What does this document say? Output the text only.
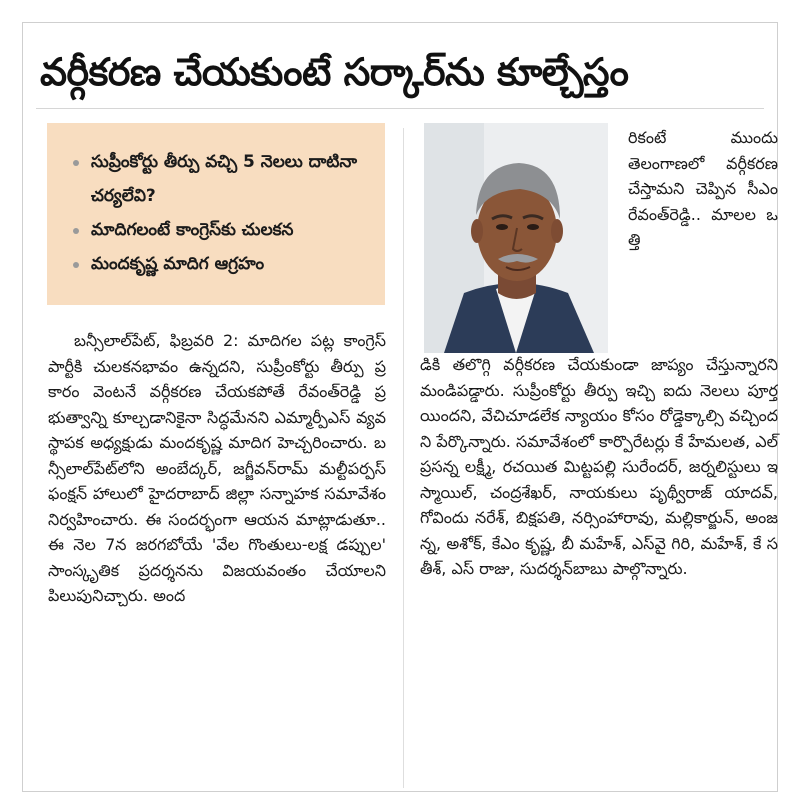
వర్గీకరణ చేయకుంటే సర్కార్‌ను కూల్చేస్తం
సుప్రీంకోర్టు తీర్పు వచ్చి 5 నెలలు దాటినా చర్యలేవి?
మాదిగలంటే కాంగ్రెస్‌కు చులకన
మందకృష్ణ మాదిగ ఆగ్రహం
బన్సీలాల్‌పేట్, ఫిబ్రవరి 2: మాదిగల పట్ల కాంగ్రెస్ పార్టీకి చులకనభావం ఉన్నదని, సుప్రీంకోర్టు తీర్పు ప్రకారం వెంటనే వర్గీకరణ చేయకపోతే రేవంత్‌రెడ్డి ప్రభుత్వాన్ని కూల్చడానికైనా సిద్ధమేనని ఎమ్మార్పీఎస్ వ్యవస్థాపక అధ్యక్షుడు మందకృష్ణ మాదిగ హెచ్చరించారు. బన్సీలాల్‌పేట్‌లోని అంబేద్కర్, జగ్జీవన్‌రామ్ మల్టీపర్పస్ ఫంక్షన్ హాలులో హైదరాబాద్ జిల్లా సన్నాహక సమావేశం నిర్వహించారు. ఈ సందర్భంగా ఆయన మాట్లాడుతూ.. ఈ నెల 7న జరగబోయే 'వేల గొంతులు-లక్ష డప్పుల' సాంస్కృతిక ప్రదర్శనను విజయవంతం చేయాలని పిలుపునిచ్చారు. అంద
రికంటే ముందు తెలంగాణలో వర్గీకరణ చేస్తామని చెప్పిన సీఎం రేవంత్‌రెడ్డి.. మాలల ఒత్తి
డికి తలొగ్గి వర్గీకరణ చేయకుండా జాప్యం చేస్తున్నారని మండిపడ్డారు. సుప్రీంకోర్టు తీర్పు ఇచ్చి ఐదు నెలలు పూర్తయిందని, వేచిచూడలేక న్యాయం కోసం రోడ్డెక్కాల్సి వచ్చిందని పేర్కొన్నారు. సమావేశంలో కార్పొరేటర్లు కే హేమలత, ఎల్ ప్రసన్న లక్ష్మీ, రచయిత మిట్టపల్లి సురేందర్, జర్నలిస్టులు ఇస్మాయిల్, చంద్రశేఖర్, నాయకులు పృథ్వీరాజ్ యాదవ్, గోవిందు నరేశ్, బిక్షపతి, నర్సింహారావు, మల్లికార్జున్, అంజన్న, అశోక్, కేఎం కృష్ణ, బీ మహేశ్, ఎస్‌వై గిరి, మహేశ్, కే సతీశ్, ఎస్ రాజు, సుదర్శన్‌బాబు పాల్గొన్నారు.
